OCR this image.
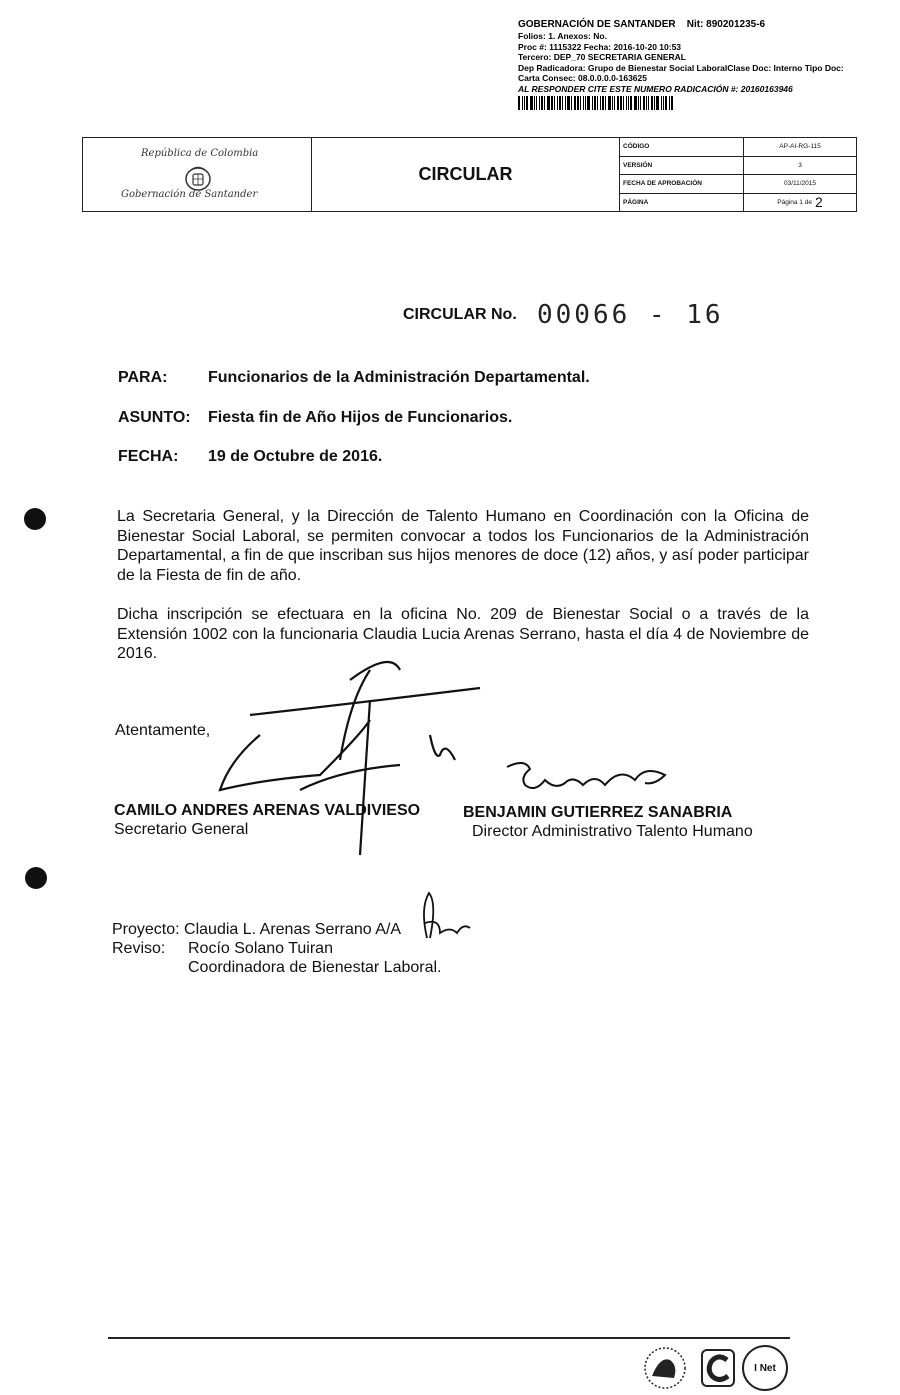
GOBERNACIÓN DE SANTANDER Nit: 890201235-6
Folios: 1. Anexos: No.
Proc #: 1115322 Fecha: 2016-10-20 10:53
Tercero: DEP_70 SECRETARIA GENERAL
Dep Radicadora: Grupo de Bienestar Social LaboralClase Doc: Interno Tipo Doc:
Carta Consec: 08.0.0.0.0-163625
AL RESPONDER CITE ESTE NUMERO RADICACIÓN #: 20160163946
República de Colombia
Gobernación de Santander
CIRCULAR
CÓDIGO	AP-AI-RG-115
VERSIÓN	3
FECHA DE APROBACIÓN	03/11/2015
PÁGINA	Página 1 de 2
CIRCULAR No. 00066 - 16
PARA:	Funcionarios de la Administración Departamental.
ASUNTO: Fiesta fin de Año Hijos de Funcionarios.
FECHA: 19 de Octubre de 2016.

La Secretaria General, y la Dirección de Talento Humano en Coordinación con la Oficina de Bienestar Social Laboral, se permiten convocar a todos los Funcionarios de la Administración Departamental, a fin de que inscriban sus hijos menores de doce (12) años, y así poder participar de la Fiesta de fin de año.

Dicha inscripción se efectuara en la oficina No. 209 de Bienestar Social o a través de la Extensión 1002 con la funcionaria Claudia Lucia Arenas Serrano, hasta el día 4 de Noviembre de 2016.

Atentamente,
CAMILO ANDRES ARENAS VALDIVIESO
Secretario General
BENJAMIN GUTIERREZ SANABRIA
Director Administrativo Talento Humano
Proyecto: Claudia L. Arenas Serrano A/A
Reviso: Rocío Solano Tuiran
Coordinadora de Bienestar Laboral.
I Net
